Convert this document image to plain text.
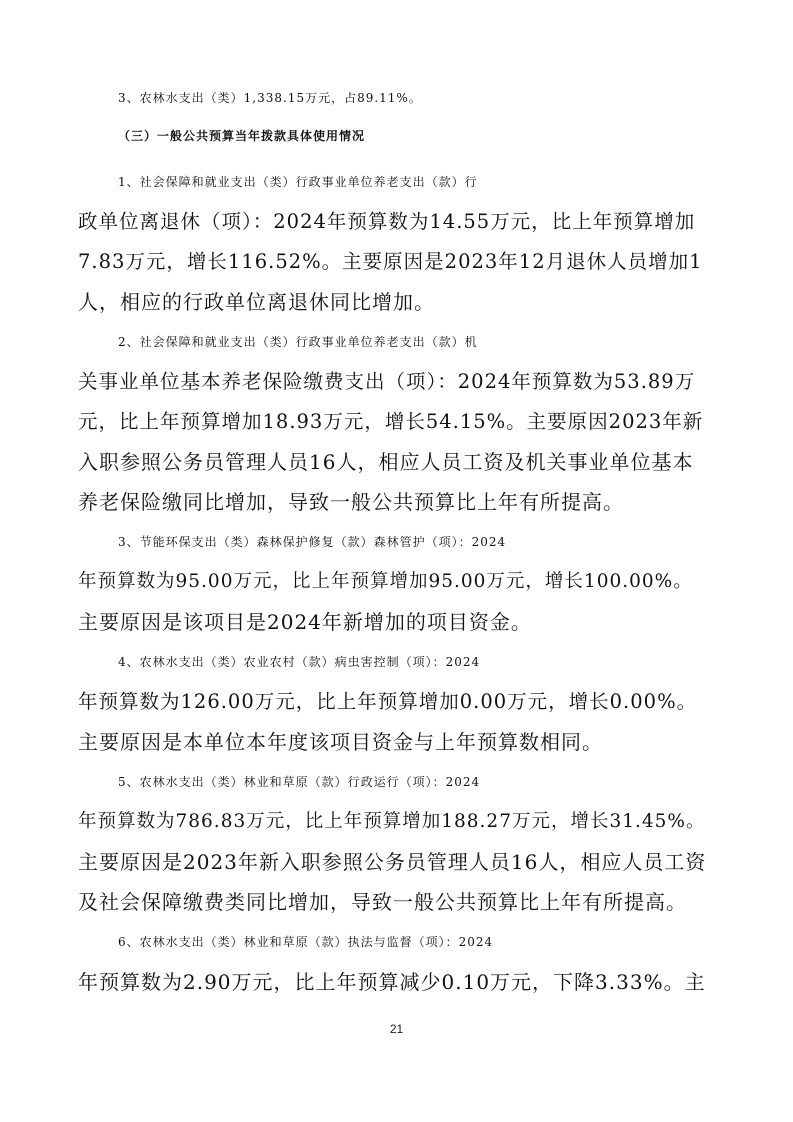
3、农林水支出（类）1,338.15万元，占89.11%。
（三）一般公共预算当年拨款具体使用情况
1、社会保障和就业支出（类）行政事业单位养老支出（款）行
政单位离退休（项）：2024年预算数为14.55万元，比上年预算增加
7.83万元，增长116.52%。主要原因是2023年12月退休人员增加1
人，相应的行政单位离退休同比增加。
2、社会保障和就业支出（类）行政事业单位养老支出（款）机
关事业单位基本养老保险缴费支出（项）：2024年预算数为53.89万
元，比上年预算增加18.93万元，增长54.15%。主要原因2023年新
入职参照公务员管理人员16人，相应人员工资及机关事业单位基本
养老保险缴同比增加，导致一般公共预算比上年有所提高。
3、节能环保支出（类）森林保护修复（款）森林管护（项）：2024
年预算数为95.00万元，比上年预算增加95.00万元，增长100.00%。
主要原因是该项目是2024年新增加的项目资金。
4、农林水支出（类）农业农村（款）病虫害控制（项）：2024
年预算数为126.00万元，比上年预算增加0.00万元，增长0.00%。
主要原因是本单位本年度该项目资金与上年预算数相同。
5、农林水支出（类）林业和草原（款）行政运行（项）：2024
年预算数为786.83万元，比上年预算增加188.27万元，增长31.45%。
主要原因是2023年新入职参照公务员管理人员16人，相应人员工资
及社会保障缴费类同比增加，导致一般公共预算比上年有所提高。
6、农林水支出（类）林业和草原（款）执法与监督（项）：2024
年预算数为2.90万元，比上年预算减少0.10万元，下降3.33%。主
21
